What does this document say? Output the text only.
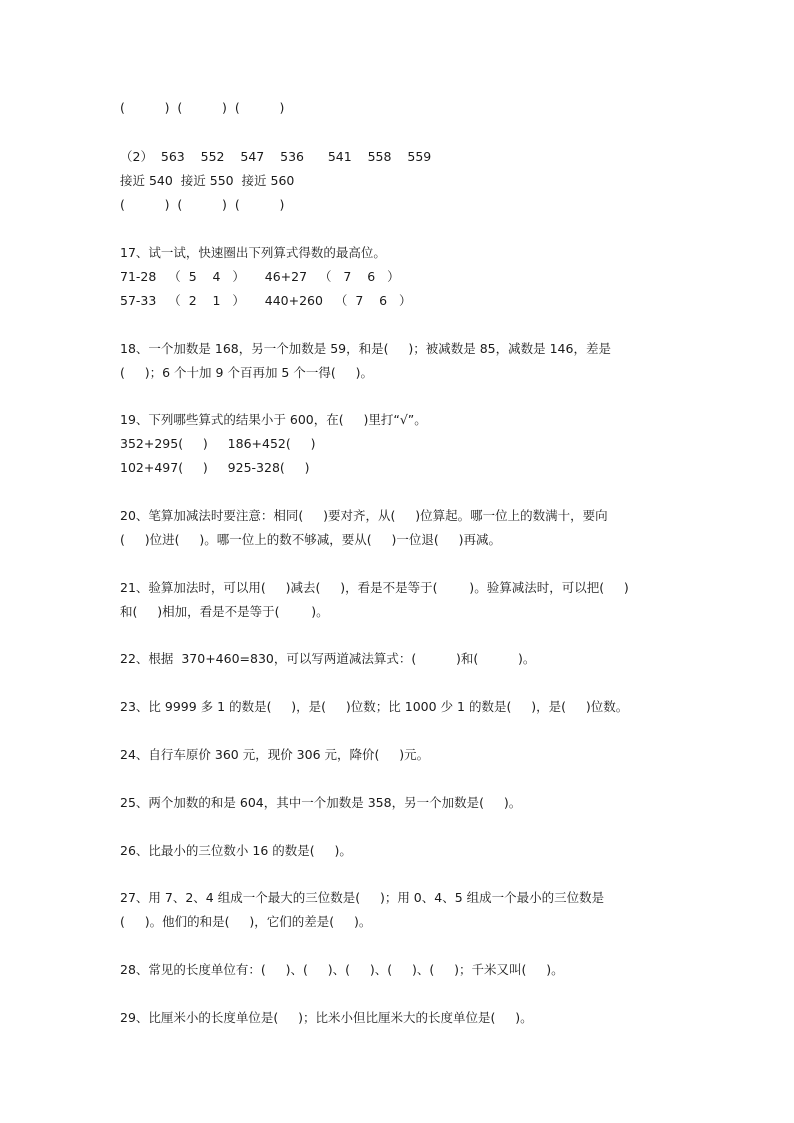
(          )  (          )  (          )
（2）  563    552    547    536      541    558    559
接近 540  接近 550  接近 560
(          )  (          )  (          )
17、试一试，快速圈出下列算式得数的最高位。
71-28   （  5    4   ）     46+27   （   7    6   ）
57-33   （  2    1   ）     440+260   （  7    6   ）
18、一个加数是 168，另一个加数是 59，和是(     )；被减数是 85，减数是 146，差是
(     )；6 个十加 9 个百再加 5 个一得(     )。
19、下列哪些算式的结果小于 600，在(     )里打“√”。
352+295(     )     186+452(     )
102+497(     )     925-328(     )
20、笔算加减法时要注意：相同(     )要对齐，从(     )位算起。哪一位上的数满十，要向
(     )位进(     )。哪一位上的数不够减，要从(     )一位退(     )再减。
21、验算加法时，可以用(     )减去(     )，看是不是等于(        )。验算减法时，可以把(     )
和(     )相加，看是不是等于(        )。
22、根据  370+460=830，可以写两道减法算式：(          )和(          )。
23、比 9999 多 1 的数是(     )，是(     )位数；比 1000 少 1 的数是(     )，是(     )位数。
24、自行车原价 360 元，现价 306 元，降价(     )元。
25、两个加数的和是 604，其中一个加数是 358，另一个加数是(     )。
26、比最小的三位数小 16 的数是(     )。
27、用 7、2、4 组成一个最大的三位数是(     )；用 0、4、5 组成一个最小的三位数是
(     )。他们的和是(     )，它们的差是(     )。
28、常见的长度单位有：(     )、(     )、(     )、(     )、(     )；千米又叫(     )。
29、比厘米小的长度单位是(     )；比米小但比厘米大的长度单位是(     )。
